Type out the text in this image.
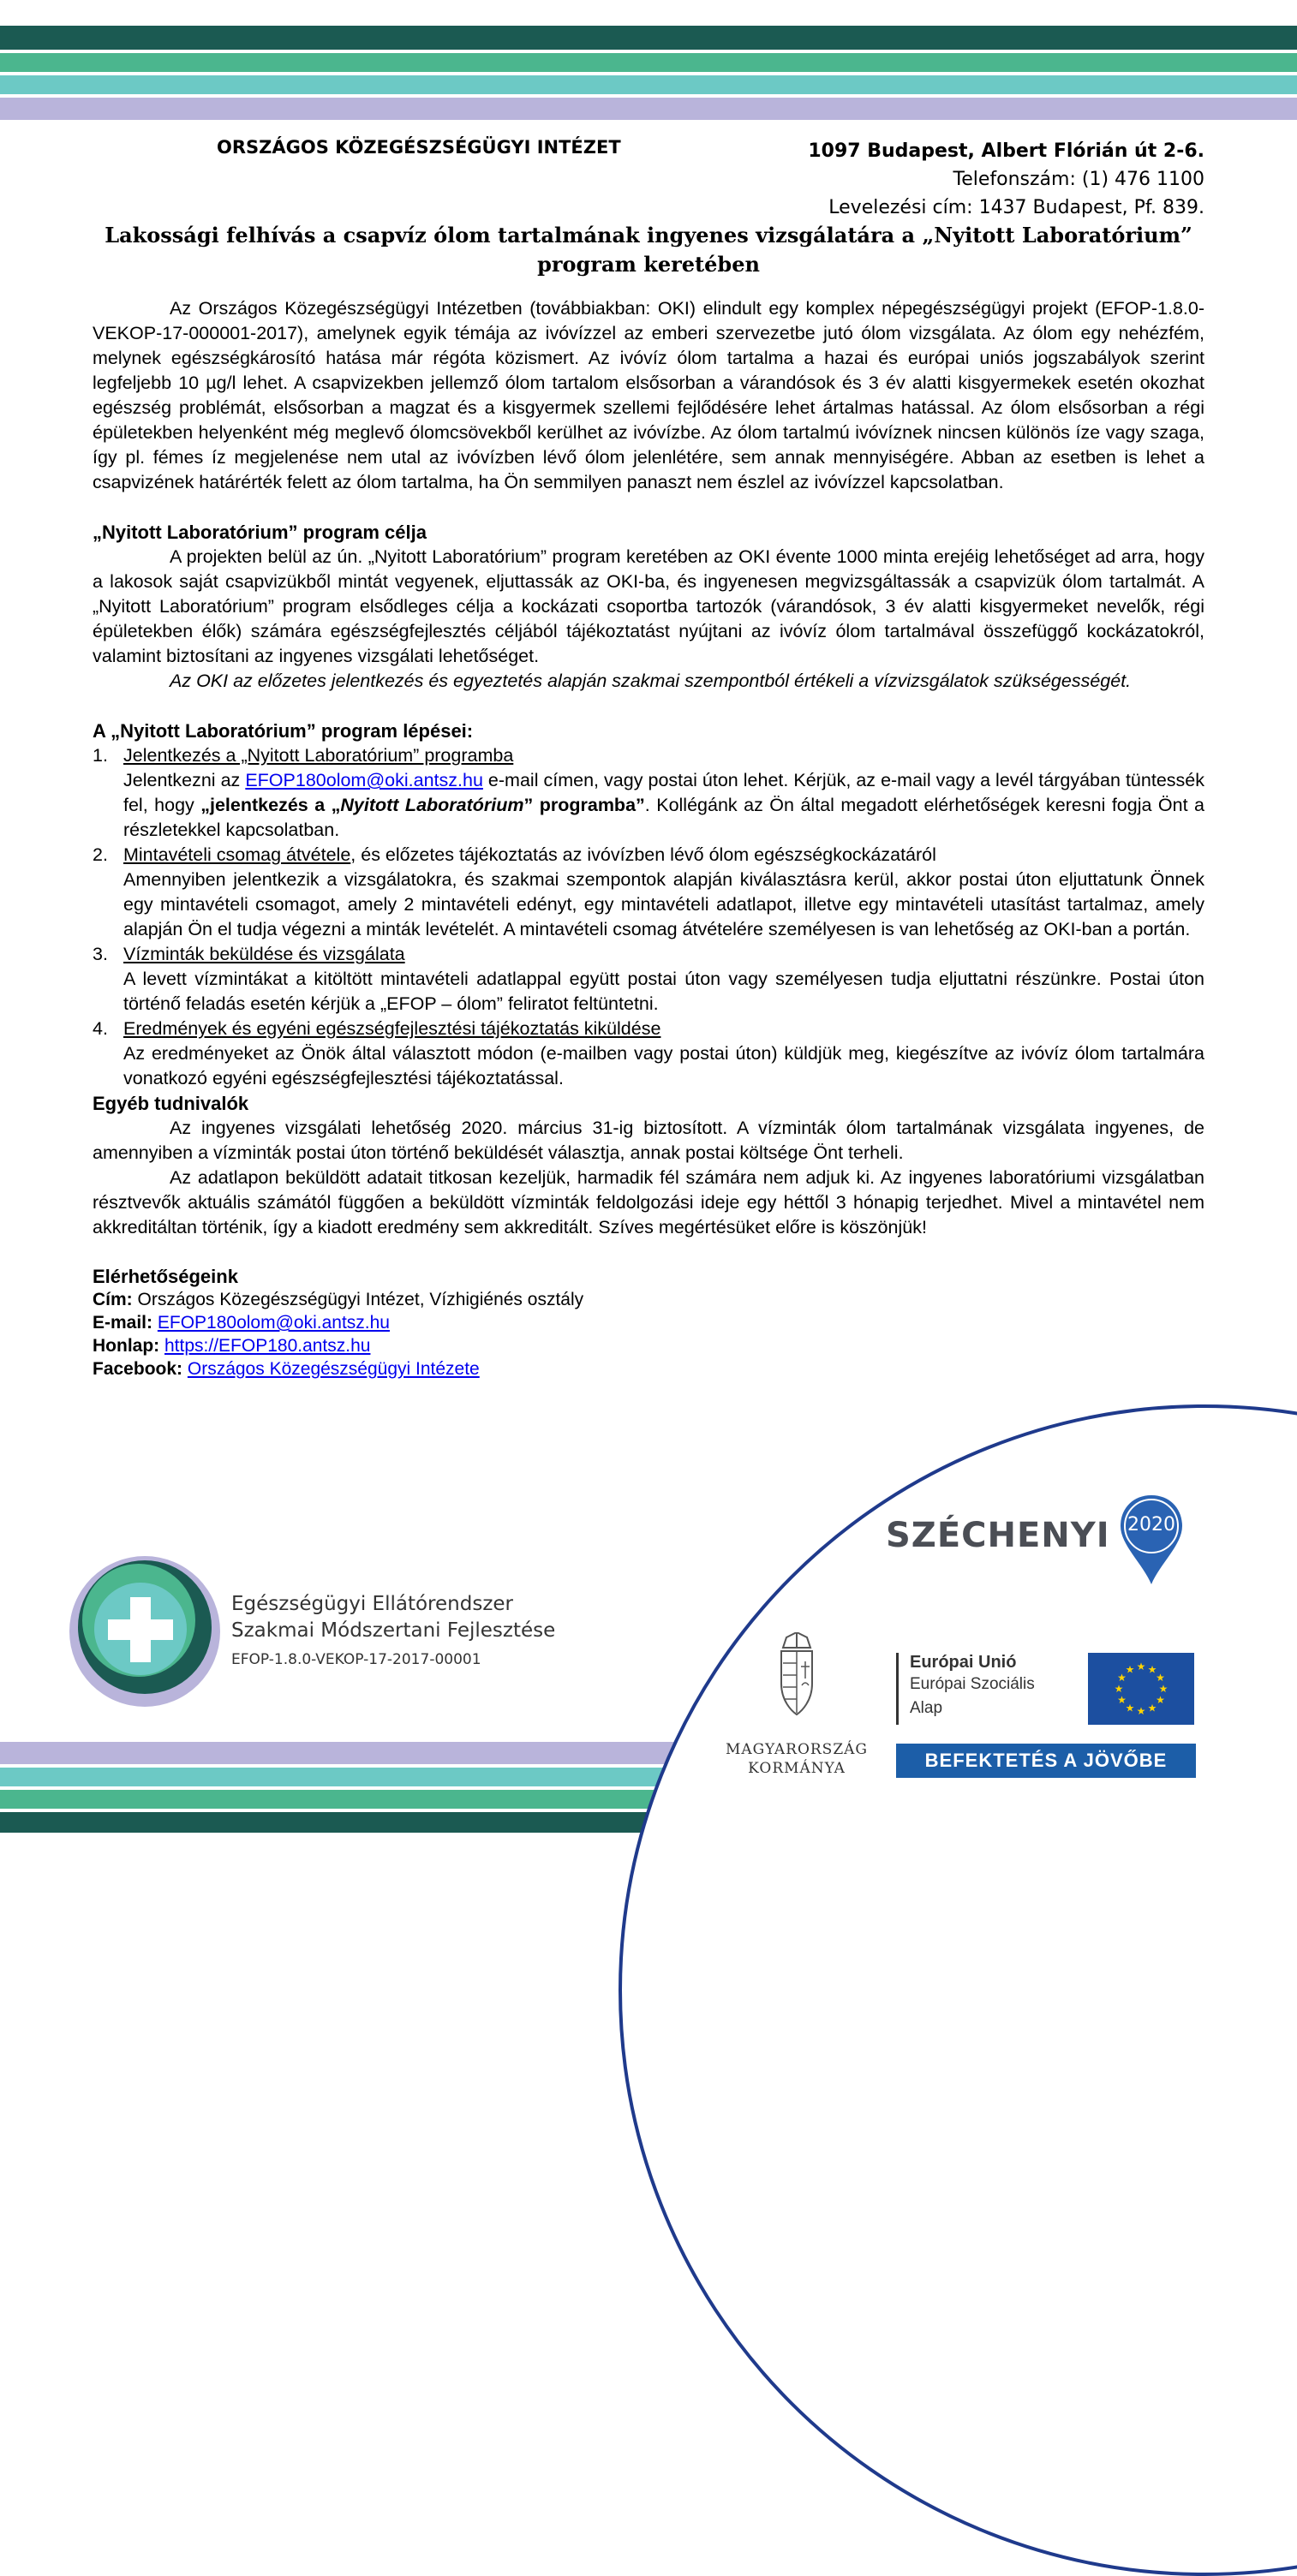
ORSZÁGOS KÖZEGÉSZSÉGÜGYI INTÉZET	1097 Budapest, Albert Flórián út 2-6.
Telefonszám: (1) 476 1100
Levelezési cím: 1437 Budapest, Pf. 839.
Lakossági felhívás a csapvíz ólom tartalmának ingyenes vizsgálatára a „Nyitott Laboratórium”
program keretében

Az Országos Közegészségügyi Intézetben (továbbiakban: OKI) elindult egy komplex népegészségügyi projekt (EFOP-1.8.0-VEKOP-17-000001-2017), amelynek egyik témája az ivóvízzel az emberi szervezetbe jutó ólom vizsgálata. Az ólom egy nehézfém, melynek egészségkárosító hatása már régóta közismert. Az ivóvíz ólom tartalma a hazai és európai uniós jogszabályok szerint legfeljebb 10 µg/l lehet. A csapvizekben jellemző ólom tartalom elsősorban a várandósok és 3 év alatti kisgyermekek esetén okozhat egészség problémát, elsősorban a magzat és a kisgyermek szellemi fejlődésére lehet ártalmas hatással. Az ólom elsősorban a régi épületekben helyenként még meglevő ólomcsövekből kerülhet az ivóvízbe. Az ólom tartalmú ivóvíznek nincsen különös íze vagy szaga, így pl. fémes íz megjelenése nem utal az ivóvízben lévő ólom jelenlétére, sem annak mennyiségére. Abban az esetben is lehet a csapvizének határérték felett az ólom tartalma, ha Ön semmilyen panaszt nem észlel az ivóvízzel kapcsolatban.

„Nyitott Laboratórium” program célja

A projekten belül az ún. „Nyitott Laboratórium” program keretében az OKI évente 1000 minta erejéig lehetőséget ad arra, hogy a lakosok saját csapvizükből mintát vegyenek, eljuttassák az OKI-ba, és ingyenesen megvizsgáltassák a csapvizük ólom tartalmát. A „Nyitott Laboratórium” program elsődleges célja a kockázati csoportba tartozók (várandósok, 3 év alatti kisgyermeket nevelők, régi épületekben élők) számára egészségfejlesztés céljából tájékoztatást nyújtani az ivóvíz ólom tartalmával összefüggő kockázatokról, valamint biztosítani az ingyenes vizsgálati lehetőséget.

Az OKI az előzetes jelentkezés és egyeztetés alapján szakmai szempontból értékeli a vízvizsgálatok szükségességét.

A „Nyitott Laboratórium” program lépései:

1. Jelentkezés a „Nyitott Laboratórium” programba
Jelentkezni az EFOP180olom@oki.antsz.hu e-mail címen, vagy postai úton lehet. Kérjük, az e-mail vagy a levél tárgyában tüntessék fel, hogy „jelentkezés a „Nyitott Laboratórium” programba”. Kollégánk az Ön által megadott elérhetőségek keresni fogja Önt a részletekkel kapcsolatban.
2. Mintavételi csomag átvétele, és előzetes tájékoztatás az ivóvízben lévő ólom egészségkockázatáról
Amennyiben jelentkezik a vizsgálatokra, és szakmai szempontok alapján kiválasztásra kerül, akkor postai úton eljuttatunk Önnek egy mintavételi csomagot, amely 2 mintavételi edényt, egy mintavételi adatlapot, illetve egy mintavételi utasítást tartalmaz, amely alapján Ön el tudja végezni a minták levételét. A mintavételi csomag átvételére személyesen is van lehetőség az OKI-ban a portán.
3. Vízminták beküldése és vizsgálata
A levett vízmintákat a kitöltött mintavételi adatlappal együtt postai úton vagy személyesen tudja eljuttatni részünkre. Postai úton történő feladás esetén kérjük a „EFOP – ólom” feliratot feltüntetni.
4. Eredmények és egyéni egészségfejlesztési tájékoztatás kiküldése
Az eredményeket az Önök által választott módon (e-mailben vagy postai úton) küldjük meg, kiegészítve az ivóvíz ólom tartalmára vonatkozó egyéni egészségfejlesztési tájékoztatással.

Egyéb tudnivalók

Az ingyenes vizsgálati lehetőség 2020. március 31-ig biztosított. A vízminták ólom tartalmának vizsgálata ingyenes, de amennyiben a vízminták postai úton történő beküldését választja, annak postai költsége Önt terheli.

Az adatlapon beküldött adatait titkosan kezeljük, harmadik fél számára nem adjuk ki. Az ingyenes laboratóriumi vizsgálatban résztvevők aktuális számától függően a beküldött vízminták feldolgozási ideje egy héttől 3 hónapig terjedhet. Mivel a mintavétel nem akkreditáltan történik, így a kiadott eredmény sem akkreditált. Szíves megértésüket előre is köszönjük!

Elérhetőségeink

Cím: Országos Közegészségügyi Intézet, Vízhigiénés osztály

E-mail: EFOP180olom@oki.antsz.hu

Honlap: https://EFOP180.antsz.hu

Facebook: Országos Közegészségügyi Intézete

Egészségügyi Ellátórendszer
Szakmai Módszertani Fejlesztése
EFOP-1.8.0-VEKOP-17-2017-00001
SZÉCHENYI 2020
MAGYARORSZÁG
KORMÁNYA
Európai Unió
Európai Szociális
Alap
★ ★
★
★
★
★
★
★
★
★
★
★
BEFEKTETÉS A JÖVŐBE
